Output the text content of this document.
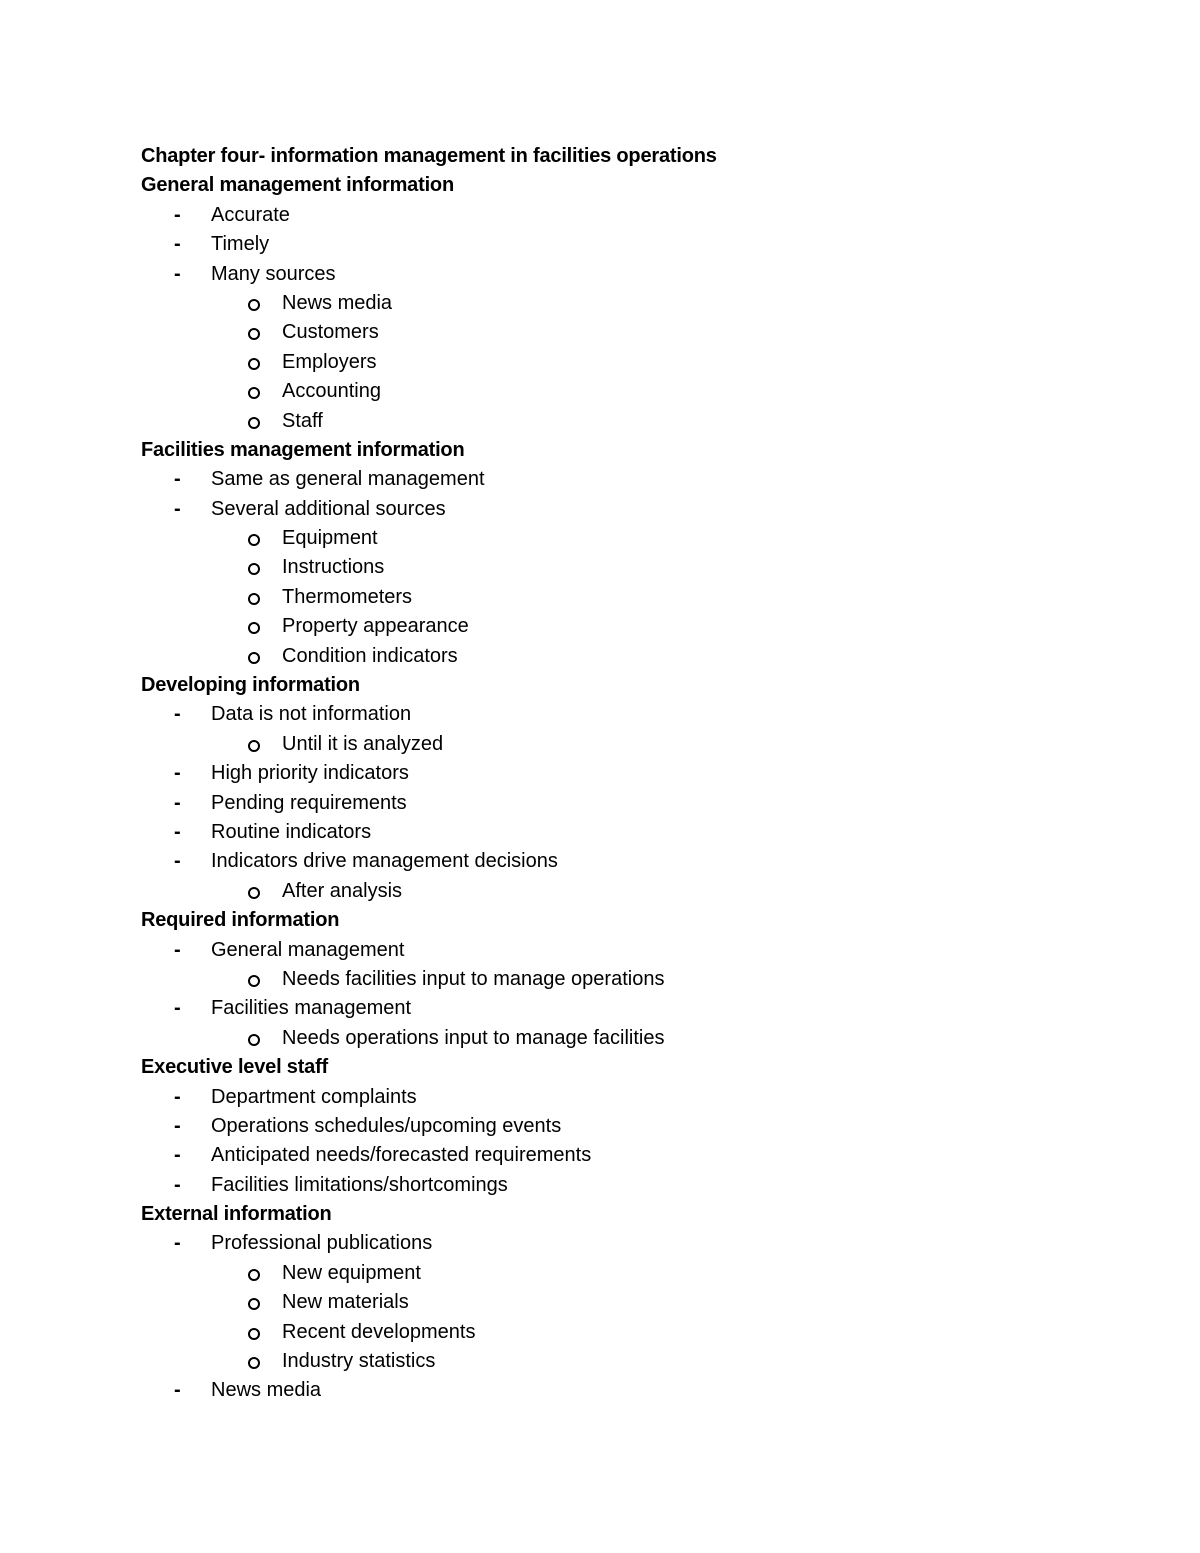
Chapter four- information management in facilities operations
General management information
- Accurate
- Timely
- Many sources
News media
Customers
Employers
Accounting
Staff
Facilities management information
- Same as general management
- Several additional sources
Equipment
Instructions
Thermometers
Property appearance
Condition indicators
Developing information
- Data is not information
Until it is analyzed
- High priority indicators
- Pending requirements
- Routine indicators
- Indicators drive management decisions
After analysis
Required information
- General management
Needs facilities input to manage operations
- Facilities management
Needs operations input to manage facilities
Executive level staff
- Department complaints
- Operations schedules/upcoming events
- Anticipated needs/forecasted requirements
- Facilities limitations/shortcomings
External information
- Professional publications
New equipment
New materials
Recent developments
Industry statistics
- News media
